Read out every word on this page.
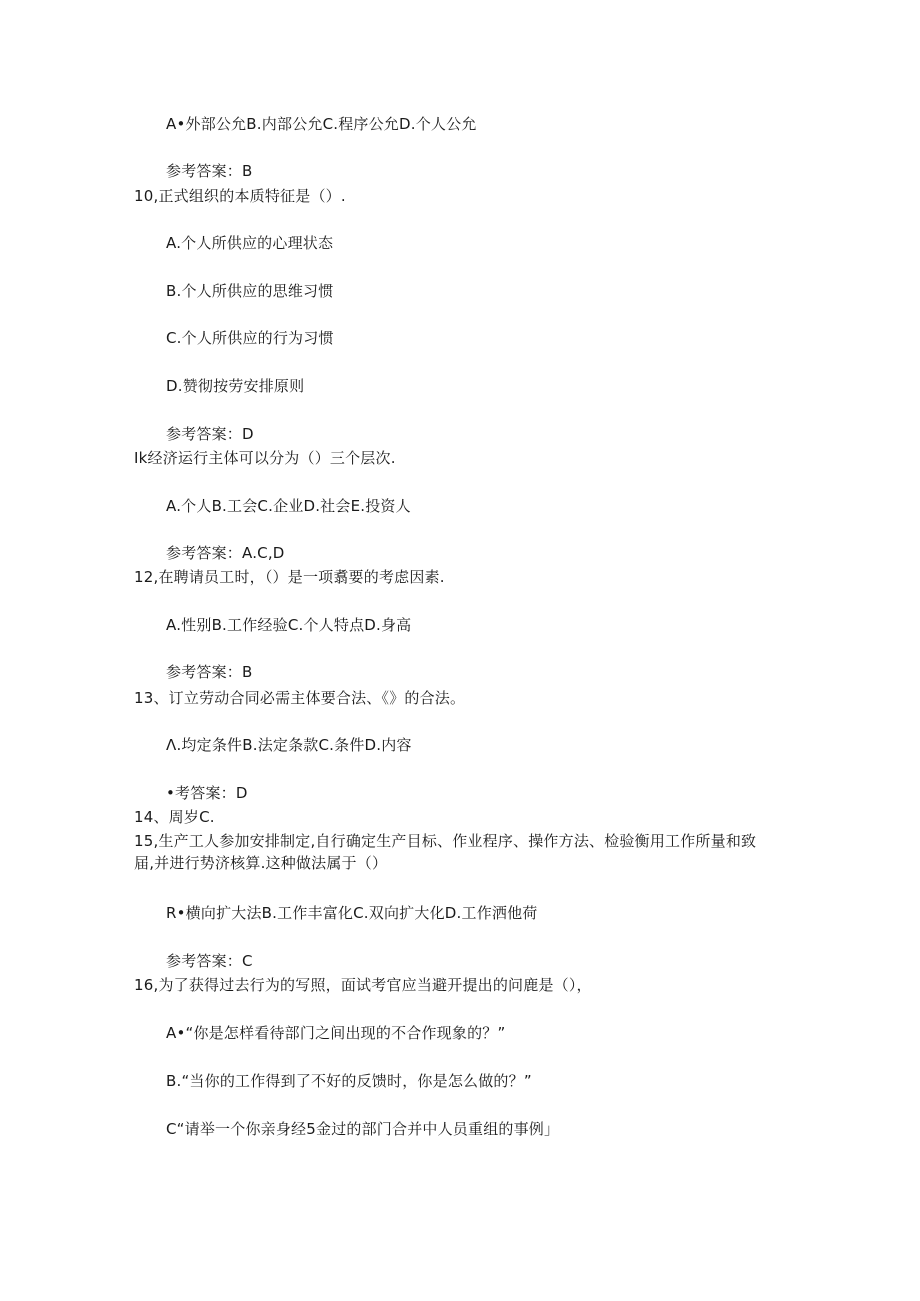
A•外部公允B.内部公允C.程序公允D.个人公允
参考答案：B
10,正式组织的本质特征是（）.
A.个人所供应的心理状态
B.个人所供应的思维习惯
C.个人所供应的行为习惯
D.赞彻按劳安排原则
参考答案：D
Ik经济运行主体可以分为（）三个层次.
A.个人B.工会C.企业D.社会E.投资人
参考答案：A.C,D
12,在聘请员工时，（）是一项翥要的考虑因素.
A.性别B.工作经验C.个人特点D.身高
参考答案：B
13、订立劳动合同必需主体要合法、《》的合法。
Λ.均定条件B.法定条款C.条件D.内容
•考答案：D
14、周岁C.
15,生产工人参加安排制定,自行确定生产目标、作业程序、操作方法、检验衡用工作所量和致届,并进行势济核算.这种做法属于（）
R•横向扩大法B.工作丰富化C.双向扩大化D.工作洒他荷
参考答案：C
16,为了获得过去行为的写照，面试考官应当避开提出的问鹿是（），
A•“你是怎样看待部门之间出现的不合作现象的？”
B.“当你的工作得到了不好的反馈时，你是怎么做的？”
C“请举一个你亲身经5金过的部门合并中人员重组的事例」
